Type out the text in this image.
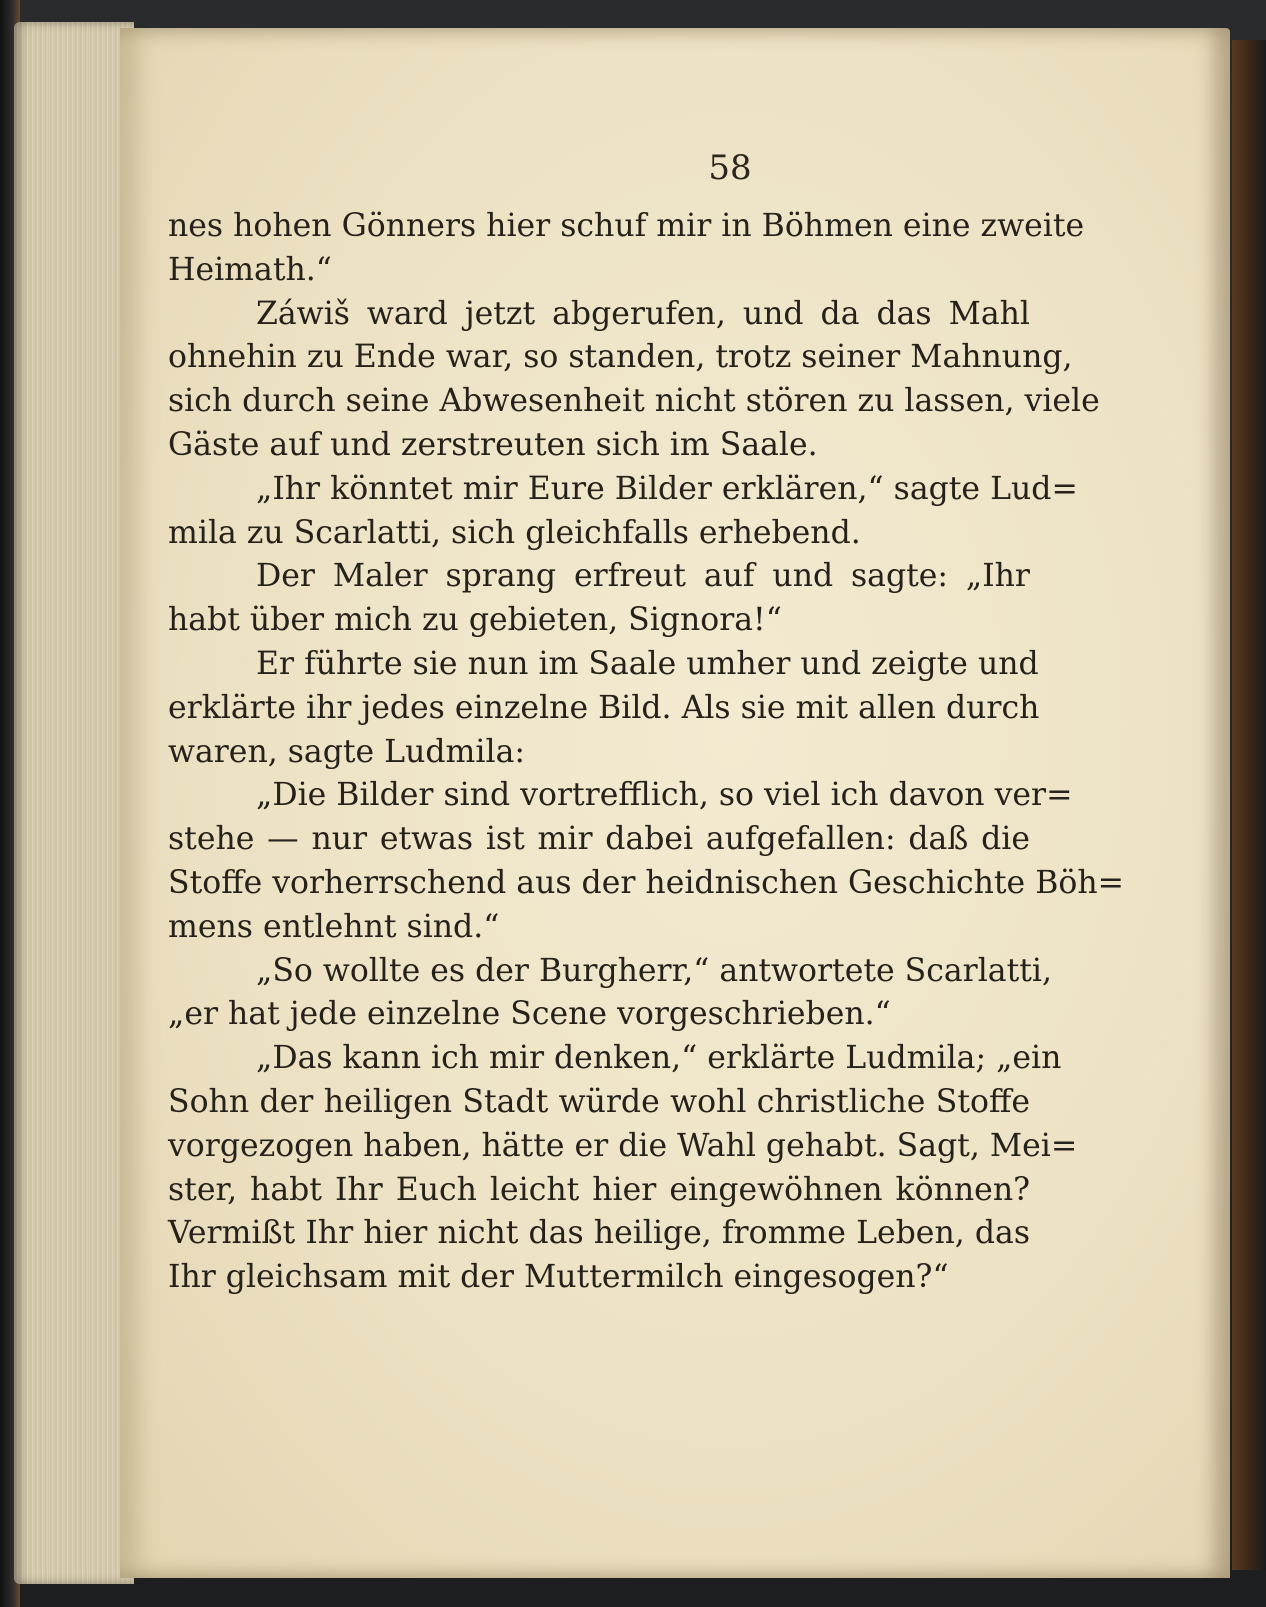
58
nes hohen Gönners hier schuf mir in Böhmen eine zweite
Heimath.“
Záwiš ward jetzt abgerufen, und da das Mahl
ohnehin zu Ende war, so standen, trotz seiner Mahnung,
sich durch seine Abwesenheit nicht stören zu lassen, viele
Gäste auf und zerstreuten sich im Saale.
„Ihr könntet mir Eure Bilder erklären,“ sagte Lud=
mila zu Scarlatti, sich gleichfalls erhebend.
Der Maler sprang erfreut auf und sagte: „Ihr
habt über mich zu gebieten, Signora!“
Er führte sie nun im Saale umher und zeigte und
erklärte ihr jedes einzelne Bild. Als sie mit allen durch
waren, sagte Ludmila:
„Die Bilder sind vortrefflich, so viel ich davon ver=
stehe — nur etwas ist mir dabei aufgefallen: daß die
Stoffe vorherrschend aus der heidnischen Geschichte Böh=
mens entlehnt sind.“
„So wollte es der Burgherr,“ antwortete Scarlatti,
„er hat jede einzelne Scene vorgeschrieben.“
„Das kann ich mir denken,“ erklärte Ludmila; „ein
Sohn der heiligen Stadt würde wohl christliche Stoffe
vorgezogen haben, hätte er die Wahl gehabt. Sagt, Mei=
ster, habt Ihr Euch leicht hier eingewöhnen können?
Vermißt Ihr hier nicht das heilige, fromme Leben, das
Ihr gleichsam mit der Muttermilch eingesogen?“
